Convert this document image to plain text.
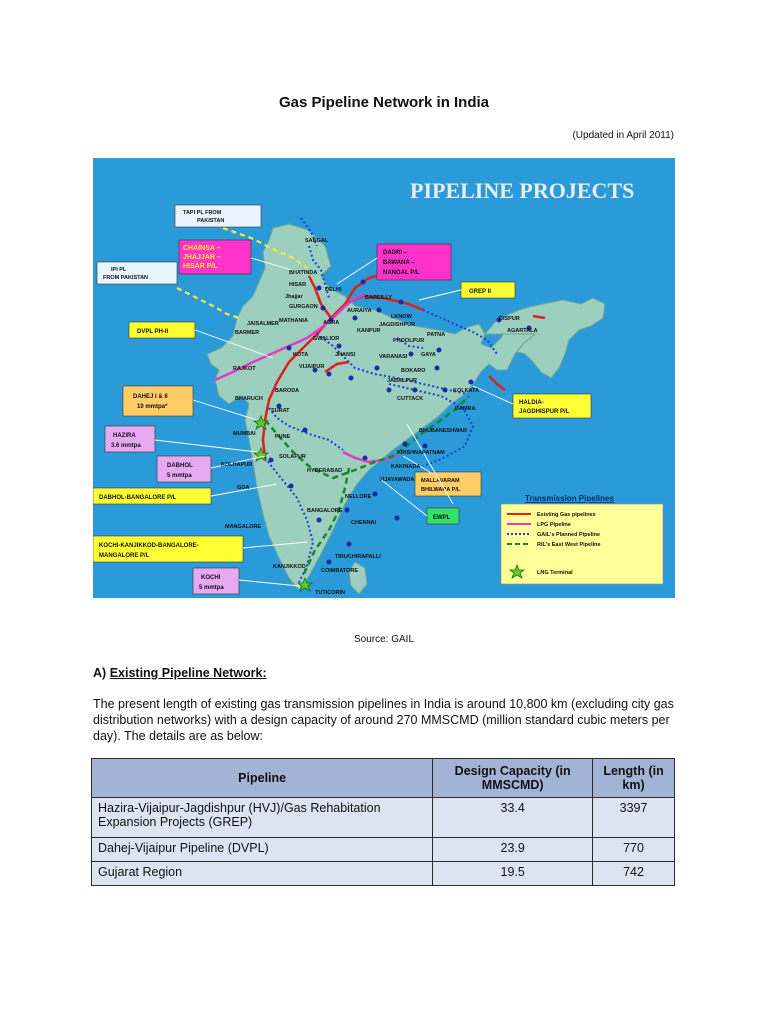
Gas Pipeline Network in India
(Updated in April 2011)
PIPELINE PROJECTS
TAPI PL FROM
PAKISTAN
IPI PL
FROM PAKISTAN
CHAINSA –
JHAJJAR –
HISAR P/L
DADRI –
BAWANA –
NANGAL P/L
GREP II
DVPL PH-II
DAHEJ I & II
10 mmtpa*
HAZIRA
3.6 mmtpa
DABHOL
5 mmtpa
DABHOL-BANGALORE P/L
KOCHI-KANJIKKOD-BANGALORE-
MANGALORE P/L
KOCHI
5 mmtpa
HALDIA-
JAGDHISPUR P/L
MALLAVARAM
BHILWARA P/L
EWPL
SANGAL
BHATINDA
HISAR
DELHI
Jhajjar
GURGAON
BAREILLY
AURAIYA
LKNOW
JAGDISHPUR
JAISALMER MATHANIA	AGRA
KANPUR
PHOOLPUR
PATNA
BARMER
GWALIOR
KOTA	JHANSI	VARANASI GAYA
VIJAIPUR
BOKARO
RAJKOT
JABALPUR
KOLKATA
BHARUCH
BARODA
SURAT
CUTTACK
DAMRA
DISPUR
AGARTALA
MUMBAI	PUNE
BHUBANESHWAR
SOLAPUR
KRISHNAPATNAM
KOLHAPUR
HYDERABAD
KAKINADA
GOA
VIJAYAWADA
NELLORE
BANGALORE
CHENNAI
MANGALORE
TIRUCHIRAPALLI
KANJIKKOD
COIMBATORE
TUTICORIN
Transmission Pipelines
Existing Gas pipelines
LPG Pipeline
GAIL's Planned Pipeline
RIL's East West Pipeline
LNG Terminal
Source: GAIL
A) Existing Pipeline Network:
The present length of existing gas transmission pipelines in India is around 10,800 km (excluding city gas distribution networks) with a design capacity of around 270 MMSCMD (million standard cubic meters per day). The details are as below:
Pipeline	Design Capacity (in MMSCMD)	Length (in km)
Hazira-Vijaipur-Jagdishpur (HVJ)/Gas Rehabitation Expansion Projects (GREP)	33.4	3397
Dahej-Vijaipur Pipeline (DVPL)	23.9	770
Gujarat Region	19.5	742
